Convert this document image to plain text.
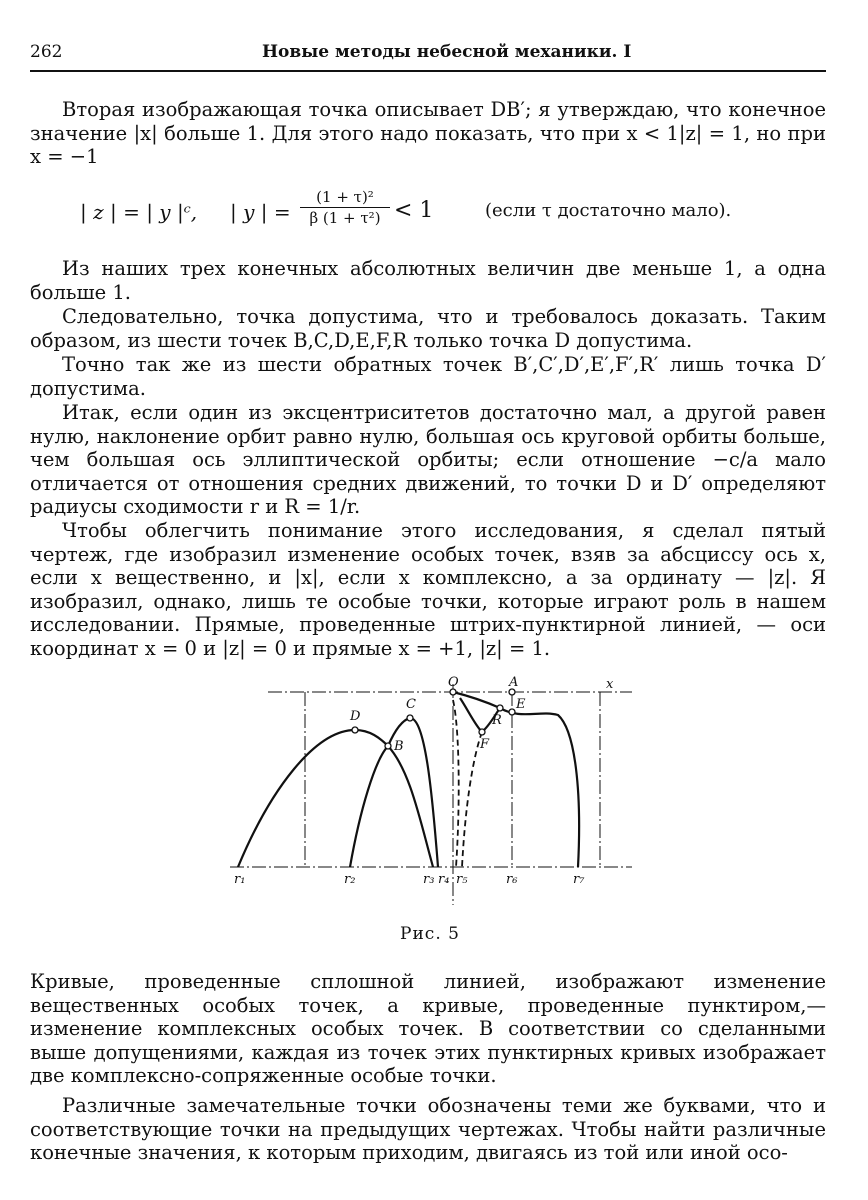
262	Новые методы небесной механики. I

Вторая изображающая точка описывает DB′; я утверждаю, что конечное значение |x| больше 1. Для этого надо показать, что при x < 1|z| = 1, но при x = −1

| z | = | y |ᶜ, | y | = $\frac{\text{(1 + τ)²}}{\text{β (1 + τ²)}} < 1$	(если τ достаточно мало).

Из наших трех конечных абсолютных величин две меньше 1, а одна больше 1.

Следовательно, точка допустима, что и требовалось доказать. Таким образом, из шести точек B,C,D,E,F,R только точка D допустима.

Точно так же из шести обратных точек B′,C′,D′,E′,F′,R′ лишь точка D′ допустима.

Итак, если один из эксцентриситетов достаточно мал, а другой равен нулю, наклонение орбит равно нулю, большая ось круговой орбиты больше, чем большая ось эллиптической орбиты; если отношение −c/a мало отличается от отношения средних движений, то точки D и D′ определяют радиусы сходимости r и R = 1/r.

Чтобы облегчить понимание этого исследования, я сделал пятый чертеж, где изобразил изменение особых точек, взяв за абсциссу ось x, если x вещественно, и |x|, если x комплексно, а за ординату — |z|. Я изобразил, однако, лишь те особые точки, которые играют роль в нашем исследовании. Прямые, проведенные штрих-пунктирной линией, — оси координат x = 0 и |z| = 0 и прямые x = +1, |z| = 1.

O	A	x
D
C
B
E
R
F
r₁	r₂	r₃ r₄ r₅	r₆	r₇
Рис. 5

Кривые, проведенные сплошной линией, изображают изменение вещественных особых точек, а кривые, проведенные пунктиром,— изменение комплексных особых точек. В соответствии со сделанными выше допущениями, каждая из точек этих пунктирных кривых изображает две комплексно-сопряженные особые точки.

Различные замечательные точки обозначены теми же буквами, что и соответствующие точки на предыдущих чертежах. Чтобы найти различные конечные значения, к которым приходим, двигаясь из той или иной осо-
